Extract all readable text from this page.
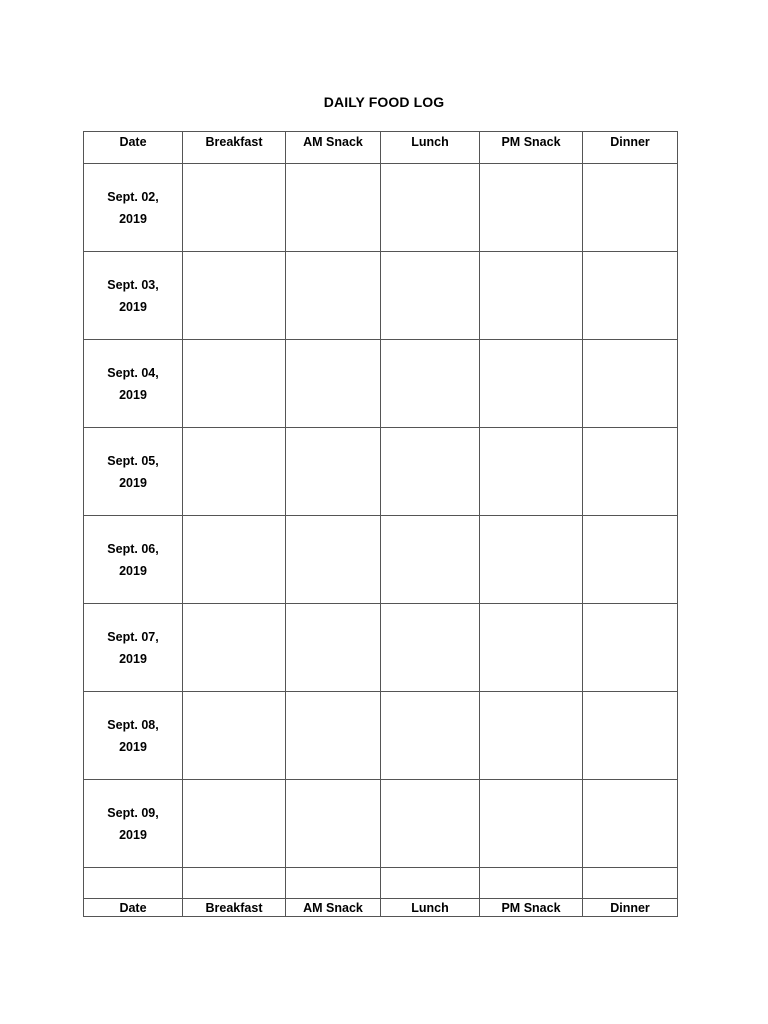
DAILY FOOD LOG
Date	Breakfast	AM Snack	Lunch	PM Snack	Dinner

Sept. 02,
2019					

Sept. 03,
2019					

Sept. 04,
2019					

Sept. 05,
2019					

Sept. 06,
2019					

Sept. 07,
2019					

Sept. 08,
2019					

Sept. 09,
2019					

Date	Breakfast	AM Snack	Lunch	PM Snack	Dinner
